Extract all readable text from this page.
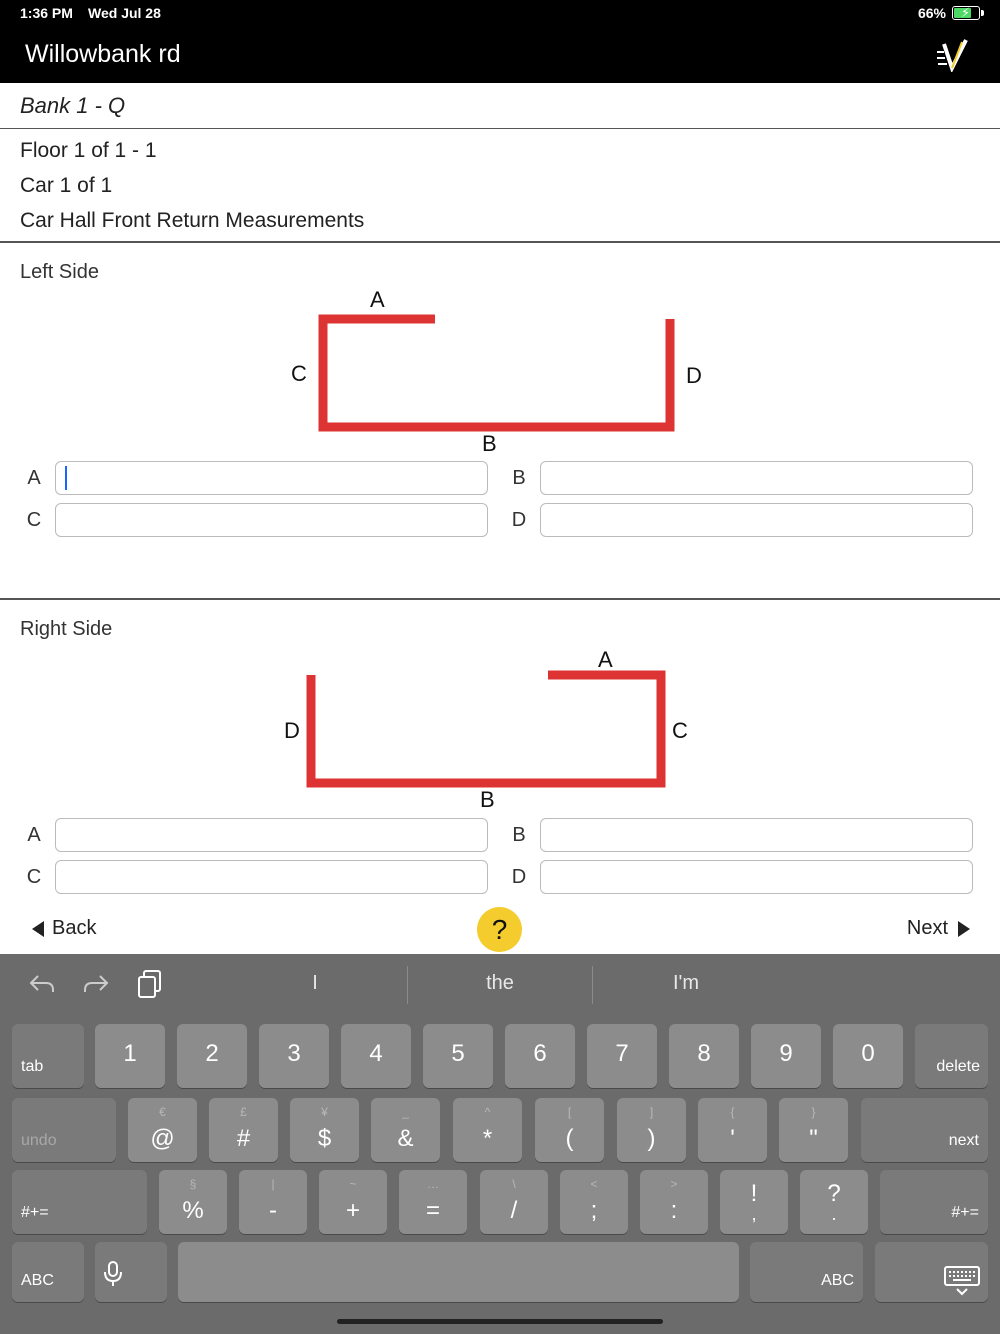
1:36 PM Wed Jul 28	66% ⚡
Willowbank rd
Bank 1 - Q
Floor 1 of 1 - 1
Car 1 of 1
Car Hall Front Return Measurements
Left Side
A
B
C	D
A	B
C	D
Right Side
A
B
C
D
A	B
C	D
Back	?	Next
I	the	I'm
tab	1	2	3	4	5	6	7	8	9	0	delete
undo
€
@
£
#
¥
$
_
&
^
*
[
(
]
)
{
'
}
"	next
#+=
§
%
|
-
~
+
…
=
\
/
<
;
>
:
!
,
?
.	#+=
ABC	ABC
